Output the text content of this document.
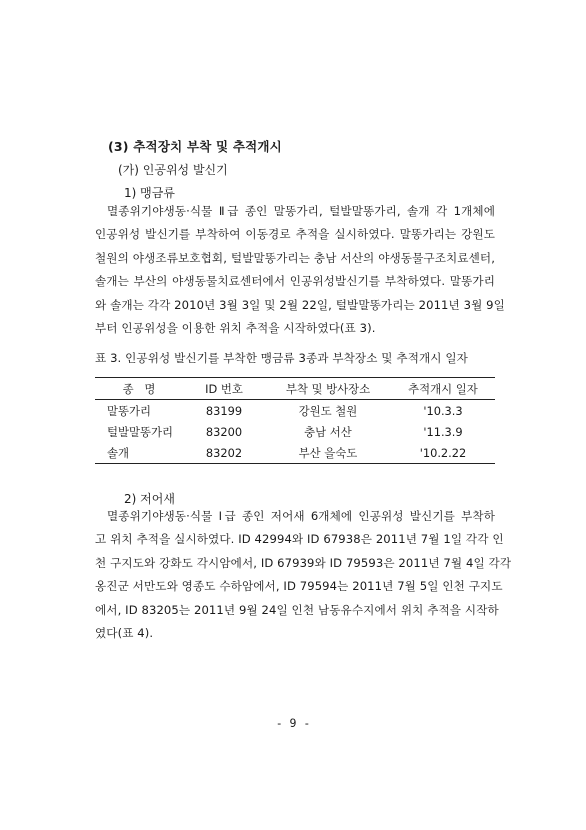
(3) 추적장치 부착 및 추적개시
(가) 인공위성 발신기
1) 맹금류
멸종위기야생동·식물 Ⅱ급 종인 말똥가리, 털발말똥가리, 솔개 각 1개체에
인공위성 발신기를 부착하여 이동경로 추적을 실시하였다. 말똥가리는 강원도
철원의 야생조류보호협회, 털발말똥가리는 충남 서산의 야생동물구조치료센터,
솔개는 부산의 야생동물치료센터에서 인공위성발신기를 부착하였다. 말똥가리
와 솔개는 각각 2010년 3월 3일 및 2월 22일, 털발말똥가리는 2011년 3월 9일
부터 인공위성을 이용한 위치 추적을 시작하였다(표 3).
표 3. 인공위성 발신기를 부착한 맹금류 3종과 부착장소 및 추적개시 일자
종   명	ID 번호	부착 및 방사장소	추적개시 일자
말똥가리	83199	강원도 철원	'10.3.3
털발말똥가리	83200	충남 서산	'11.3.9
솔개	83202	부산 을숙도	'10.2.22
2) 저어새
멸종위기야생동·식물 Ⅰ급 종인 저어새 6개체에 인공위성 발신기를 부착하
고 위치 추적을 실시하였다. ID 42994와 ID 67938은 2011년 7월 1일 각각 인
천 구지도와 강화도 각시암에서, ID 67939와 ID 79593은 2011년 7월 4일 각각
옹진군 서만도와 영종도 수하암에서, ID 79594는 2011년 7월 5일 인천 구지도
에서, ID 83205는 2011년 9월 24일 인천 남동유수지에서 위치 추적을 시작하
였다(표 4).
- 9 -
